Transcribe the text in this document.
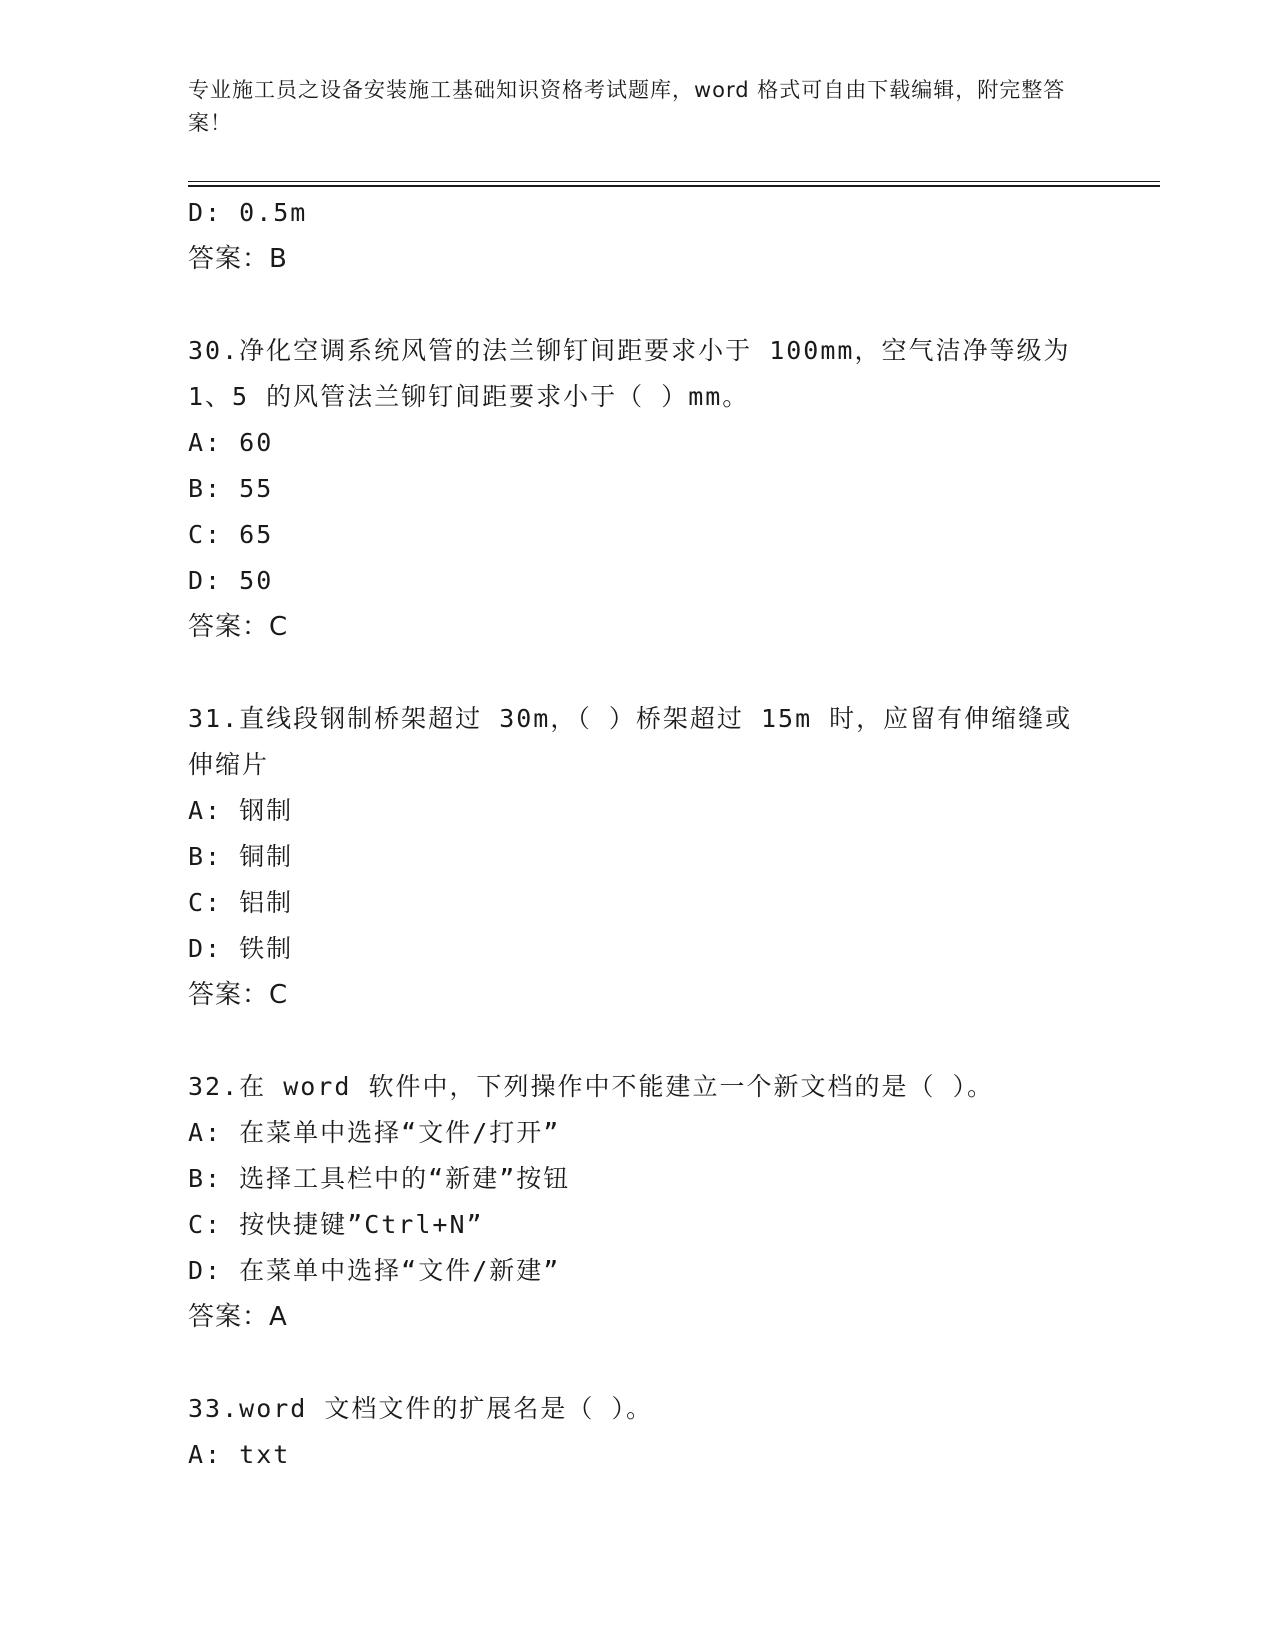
专业施工员之设备安装施工基础知识资格考试题库，word 格式可自由下载编辑，附完整答案！
D: 0.5m
答案：B
30.净化空调系统风管的法兰铆钉间距要求小于 100mm，空气洁净等级为 1、5 的风管法兰铆钉间距要求小于（ ）mm。
A: 60
B: 55
C: 65
D: 50
答案：C
31.直线段钢制桥架超过 30m，（ ）桥架超过 15m 时，应留有伸缩缝或伸缩片
A: 钢制
B: 铜制
C: 铝制
D: 铁制
答案：C
32.在 word 软件中，下列操作中不能建立一个新文档的是（ ）。
A: 在菜单中选择“文件/打开”
B: 选择工具栏中的“新建”按钮
C: 按快捷键”Ctrl+N”
D: 在菜单中选择“文件/新建”
答案：A
33.word 文档文件的扩展名是（ ）。
A: txt
